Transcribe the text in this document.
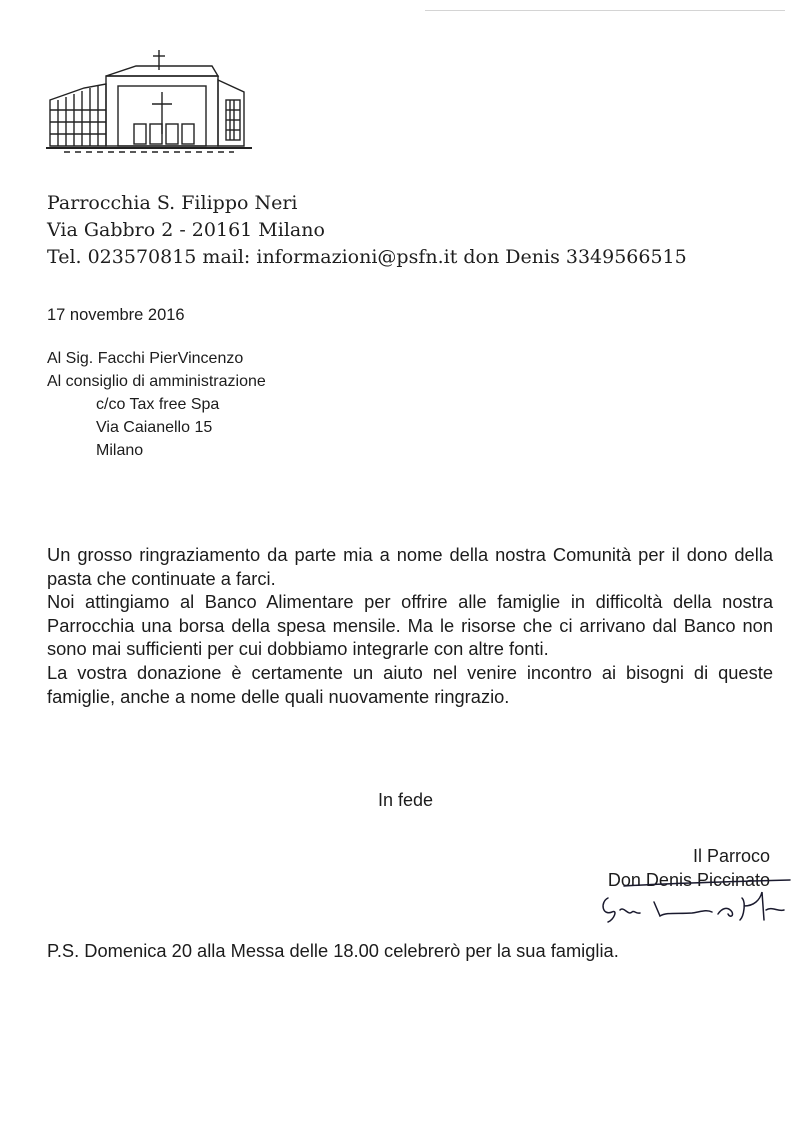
Parrocchia S. Filippo Neri
Via Gabbro 2 - 20161 Milano
Tel. 023570815 mail: informazioni@psfn.it don Denis 3349566515
17 novembre 2016
Al Sig. Facchi PierVincenzo
Al consiglio di amministrazione
c/co Tax free Spa
Via Caianello 15
Milano

Un grosso ringraziamento da parte mia a nome della nostra Comunità per il dono della pasta che continuate a farci.

Noi attingiamo al Banco Alimentare per offrire alle famiglie in difficoltà della nostra Parrocchia una borsa della spesa mensile. Ma le risorse che ci arrivano dal Banco non sono mai sufficienti per cui dobbiamo integrarle con altre fonti.

La vostra donazione è certamente un aiuto nel venire incontro ai bisogni di queste famiglie, anche a nome delle quali nuovamente ringrazio.

In fede
Il Parroco
Don Denis Piccinato
P.S. Domenica 20 alla Messa delle 18.00 celebrerò per la sua famiglia.
